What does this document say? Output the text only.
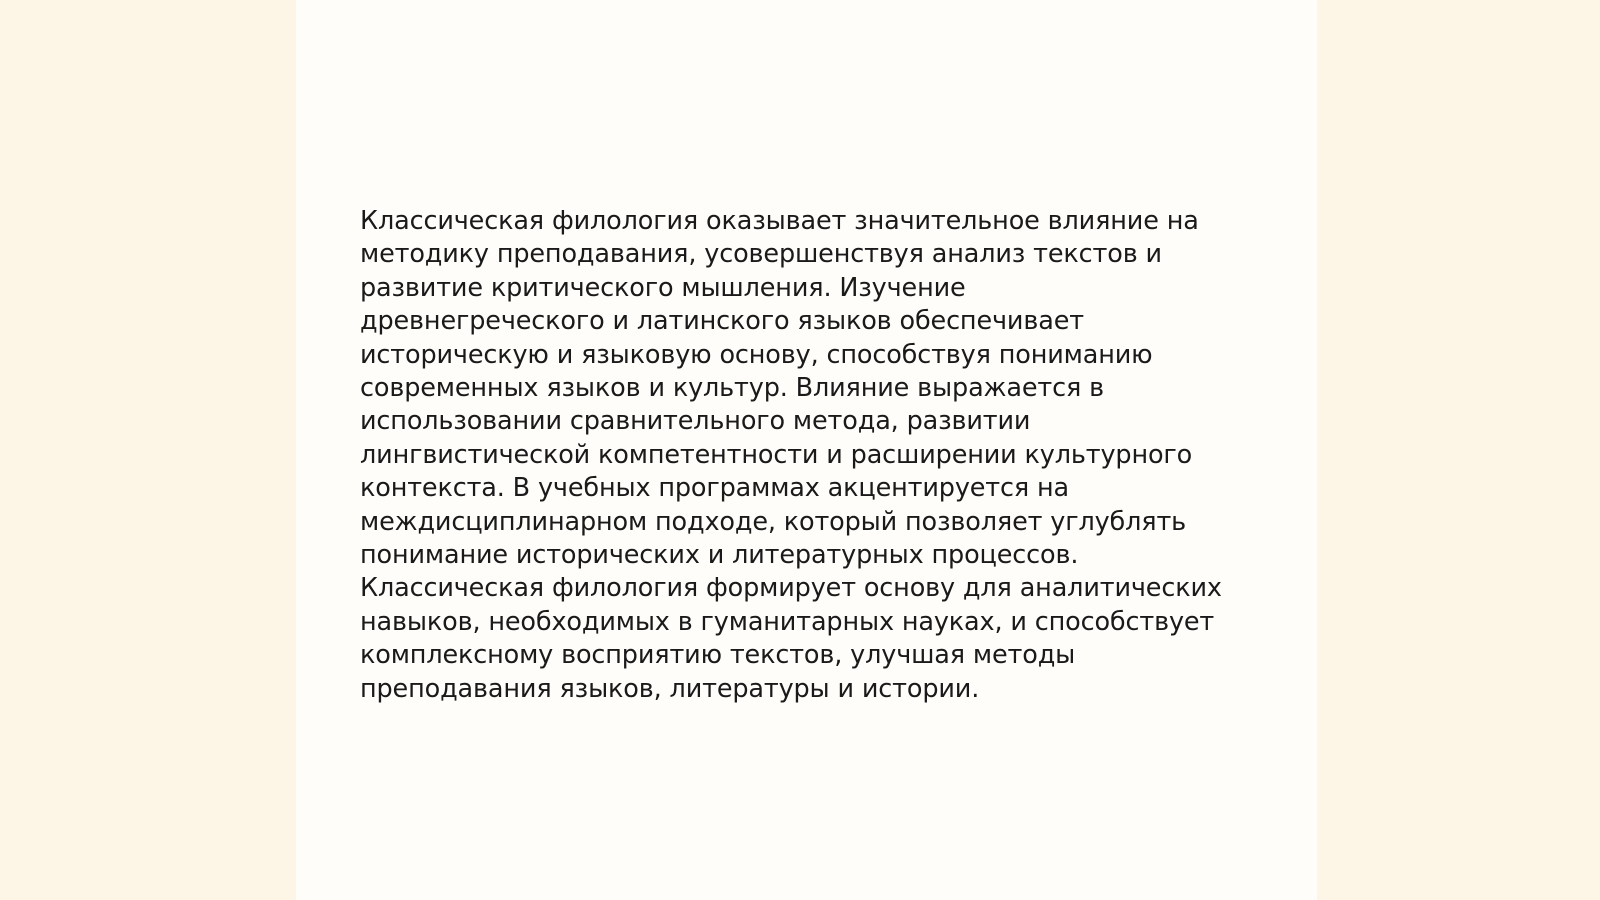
Классическая филология оказывает значительное влияние на
методику преподавания, усовершенствуя анализ текстов и
развитие критического мышления. Изучение
древнегреческого и латинского языков обеспечивает
историческую и языковую основу, способствуя пониманию
современных языков и культур. Влияние выражается в
использовании сравнительного метода, развитии
лингвистической компетентности и расширении культурного
контекста. В учебных программах акцентируется на
междисциплинарном подходе, который позволяет углублять
понимание исторических и литературных процессов.
Классическая филология формирует основу для аналитических
навыков, необходимых в гуманитарных науках, и способствует
комплексному восприятию текстов, улучшая методы
преподавания языков, литературы и истории.
